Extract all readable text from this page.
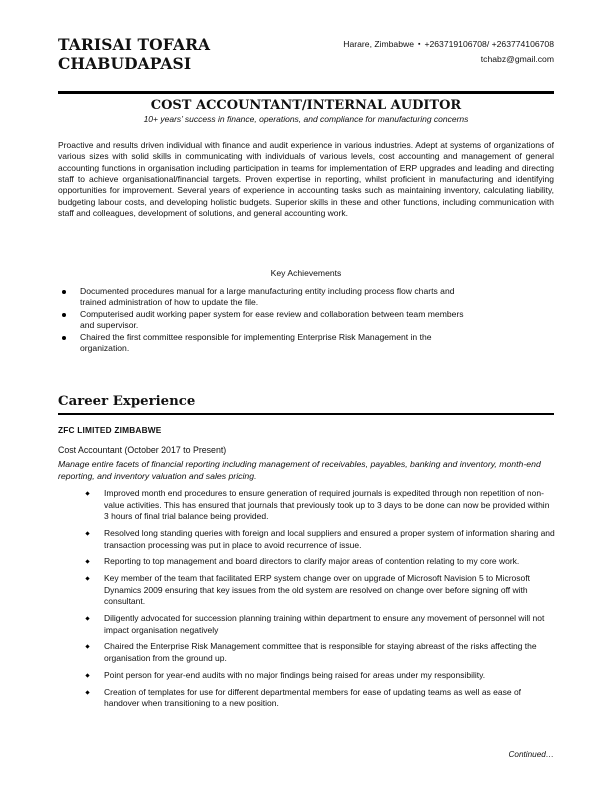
TARISAI TOFARA
CHABUDAPASI
Harare, Zimbabwe ▪ +263719106708/ +263774106708
tchabz@gmail.com
COST ACCOUNTANT/INTERNAL AUDITOR
10+ years’ success in finance, operations, and compliance for manufacturing concerns
Proactive and results driven individual with finance and audit experience in various industries. Adept at systems of organizations of various sizes with solid skills in communicating with individuals of various levels, cost accounting and management of general accounting functions in organisation including participation in teams for implementation of ERP upgrades and leading and directing staff to achieve organisational/financial targets. Proven expertise in reporting, whilst proficient in manufacturing and identifying opportunities for improvement. Several years of experience in accounting tasks such as maintaining inventory, calculating liability, budgeting labour costs, and developing holistic budgets. Superior skills in these and other functions, including communication with staff and colleagues, development of solutions, and general accounting work.
Key Achievements
Documented procedures manual for a large manufacturing entity including process flow charts and trained administration of how to update the file.
Computerised audit working paper system for ease review and collaboration between team members and supervisor.
Chaired the first committee responsible for implementing Enterprise Risk Management in the organization.
Career Experience
ZFC LIMITED ZIMBABWE
Cost Accountant (October 2017 to Present)
Manage entire facets of financial reporting including management of receivables, payables, banking and inventory, month-end reporting, and inventory valuation and sales pricing.
Improved month end procedures to ensure generation of required journals is expedited through non repetition of non-value activities. This has ensured that journals that previously took up to 3 days to be done can now be provided within 3 hours of final trial balance being provided.
Resolved long standing queries with foreign and local suppliers and ensured a proper system of information sharing and transaction processing was put in place to avoid recurrence of issue.
Reporting to top management and board directors to clarify major areas of contention relating to my core work.
Key member of the team that facilitated ERP system change over on upgrade of Microsoft Navision 5 to Microsoft Dynamics 2009 ensuring that key issues from the old system are resolved on change over before signing off with consultant.
Diligently advocated for succession planning training within department to ensure any movement of personnel will not impact organisation negatively
Chaired the Enterprise Risk Management committee that is responsible for staying abreast of the risks affecting the organisation from the ground up.
Point person for year-end audits with no major findings being raised for areas under my responsibility.
Creation of templates for use for different departmental members for ease of updating teams as well as ease of handover when transitioning to a new position.
Continued…
